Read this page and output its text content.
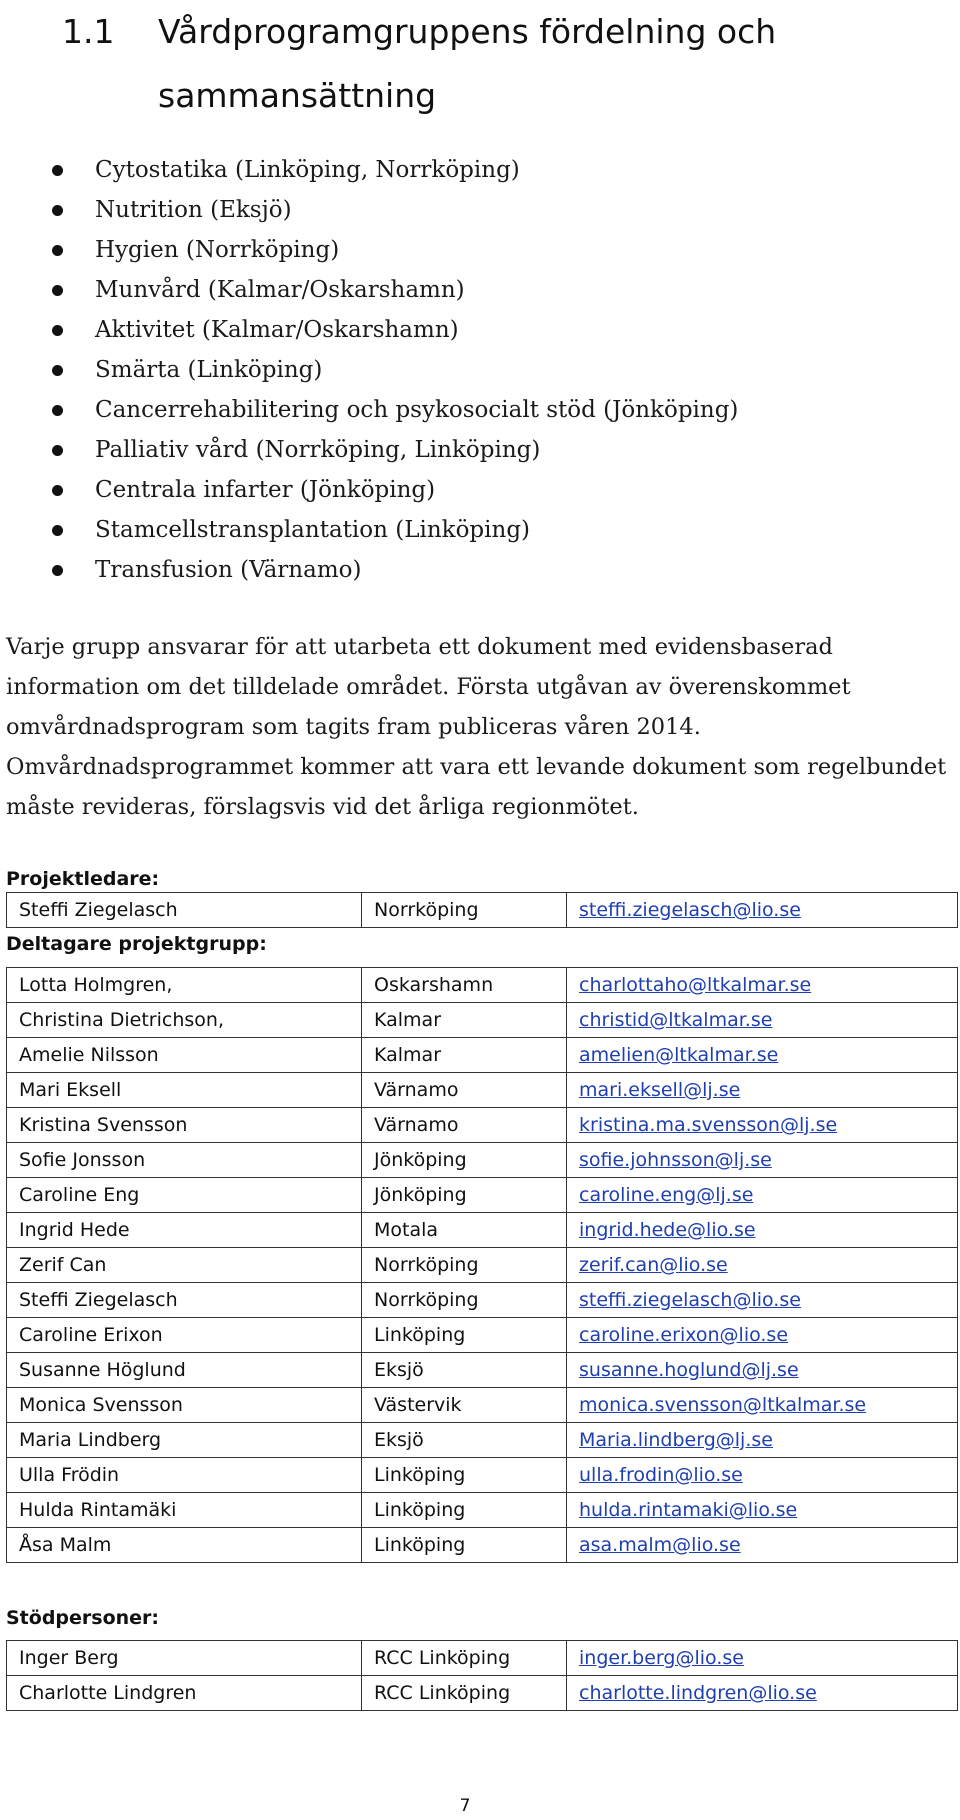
1.1 Vårdprogramgruppens fördelning och
sammansättning
Cytostatika (Linköping, Norrköping)
Nutrition (Eksjö)
Hygien (Norrköping)
Munvård (Kalmar/Oskarshamn)
Aktivitet (Kalmar/Oskarshamn)
Smärta (Linköping)
Cancerrehabilitering och psykosocialt stöd (Jönköping)
Palliativ vård (Norrköping, Linköping)
Centrala infarter (Jönköping)
Stamcellstransplantation (Linköping)
Transfusion (Värnamo)

Varje grupp ansvarar för att utarbeta ett dokument med evidensbaserad information om det tilldelade området. Första utgåvan av överenskommet omvårdnadsprogram som tagits fram publiceras våren 2014. Omvårdnadsprogrammet kommer att vara ett levande dokument som regelbundet måste revideras, förslagsvis vid det årliga regionmötet.

Projektledare:
Steffi Ziegelasch	Norrköping	steffi.ziegelasch@lio.se
Deltagare projektgrupp:
Lotta Holmgren,	Oskarshamn	charlottaho@ltkalmar.se
Christina Dietrichson,	Kalmar	christid@ltkalmar.se
Amelie Nilsson	Kalmar	amelien@ltkalmar.se
Mari Eksell	Värnamo	mari.eksell@lj.se
Kristina Svensson	Värnamo	kristina.ma.svensson@lj.se
Sofie Jonsson	Jönköping	sofie.johnsson@lj.se
Caroline Eng	Jönköping	caroline.eng@lj.se
Ingrid Hede	Motala	ingrid.hede@lio.se
Zerif Can	Norrköping	zerif.can@lio.se
Steffi Ziegelasch	Norrköping	steffi.ziegelasch@lio.se
Caroline Erixon	Linköping	caroline.erixon@lio.se
Susanne Höglund	Eksjö	susanne.hoglund@lj.se
Monica Svensson	Västervik	monica.svensson@ltkalmar.se
Maria Lindberg	Eksjö	Maria.lindberg@lj.se
Ulla Frödin	Linköping	ulla.frodin@lio.se
Hulda Rintamäki	Linköping	hulda.rintamaki@lio.se
Åsa Malm	Linköping	asa.malm@lio.se
Stödpersoner:
Inger Berg	RCC Linköping	inger.berg@lio.se
Charlotte Lindgren	RCC Linköping	charlotte.lindgren@lio.se
7
